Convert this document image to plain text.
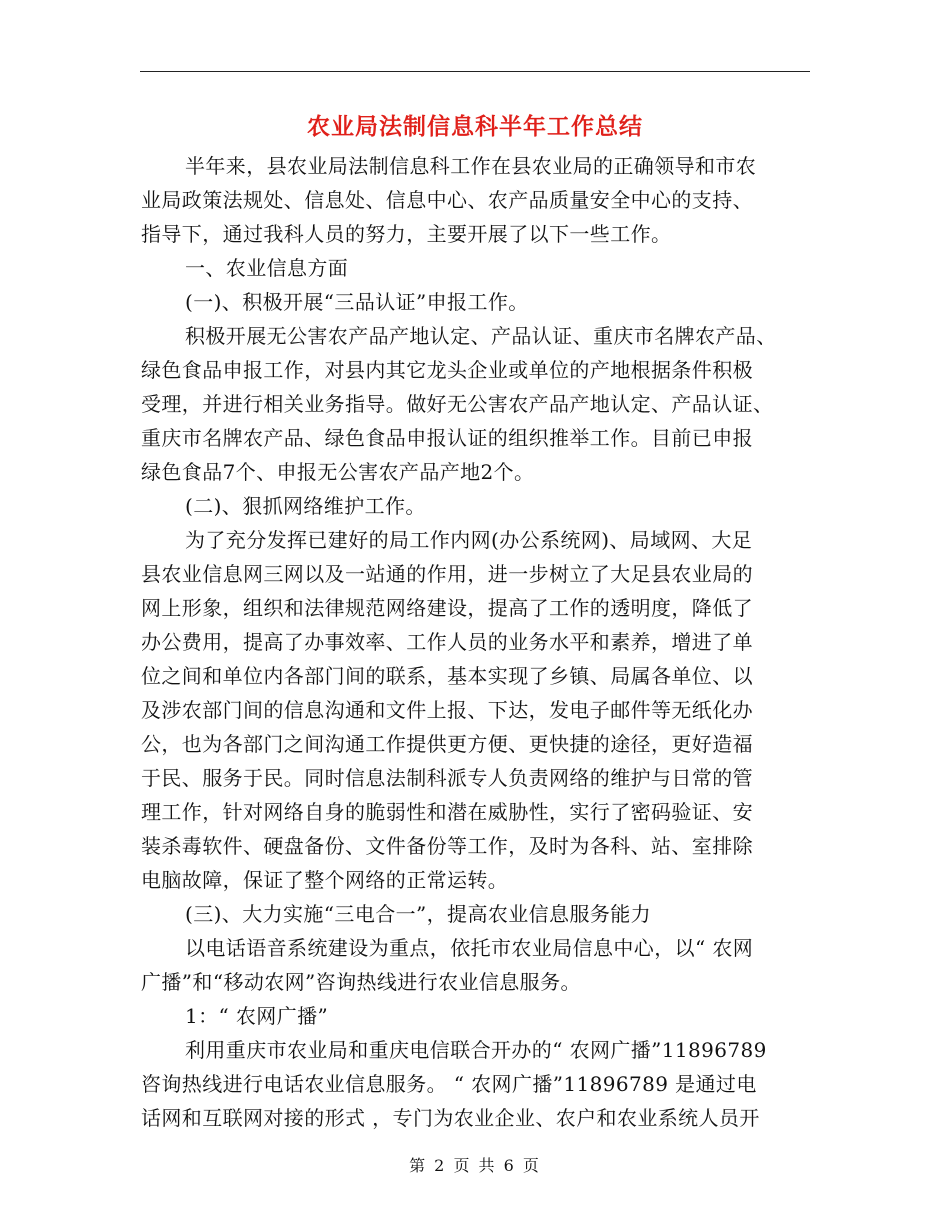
农业局法制信息科半年工作总结
半年来，县农业局法制信息科工作在县农业局的正确领导和市农
业局政策法规处、信息处、信息中心、农产品质量安全中心的支持、
指导下，通过我科人员的努力，主要开展了以下一些工作。
一、农业信息方面
(一)、积极开展“三品认证”申报工作。
积极开展无公害农产品产地认定、产品认证、重庆市名牌农产品、
绿色食品申报工作，对县内其它龙头企业或单位的产地根据条件积极
受理，并进行相关业务指导。做好无公害农产品产地认定、产品认证、
重庆市名牌农产品、绿色食品申报认证的组织推举工作。目前已申报
绿色食品7个、申报无公害农产品产地2个。
(二)、狠抓网络维护工作。
为了充分发挥已建好的局工作内网(办公系统网)、局域网、大足
县农业信息网三网以及一站通的作用，进一步树立了大足县农业局的
网上形象，组织和法律规范网络建设，提高了工作的透明度，降低了
办公费用，提高了办事效率、工作人员的业务水平和素养，增进了单
位之间和单位内各部门间的联系，基本实现了乡镇、局属各单位、以
及涉农部门间的信息沟通和文件上报、下达，发电子邮件等无纸化办
公，也为各部门之间沟通工作提供更方便、更快捷的途径，更好造福
于民、服务于民。同时信息法制科派专人负责网络的维护与日常的管
理工作，针对网络自身的脆弱性和潜在威胁性，实行了密码验证、安
装杀毒软件、硬盘备份、文件备份等工作，及时为各科、站、室排除
电脑故障，保证了整个网络的正常运转。
(三)、大力实施“三电合一”，提高农业信息服务能力
以电话语音系统建设为重点，依托市农业局信息中心，以“ 农网
广播”和“移动农网”咨询热线进行农业信息服务。
1：“ 农网广播”
利用重庆市农业局和重庆电信联合开办的“ 农网广播”11896789
咨询热线进行电话农业信息服务。 “ 农网广播”11896789 是通过电
话网和互联网对接的形式 ，专门为农业企业、农户和农业系统人员开
第 2 页 共 6 页
